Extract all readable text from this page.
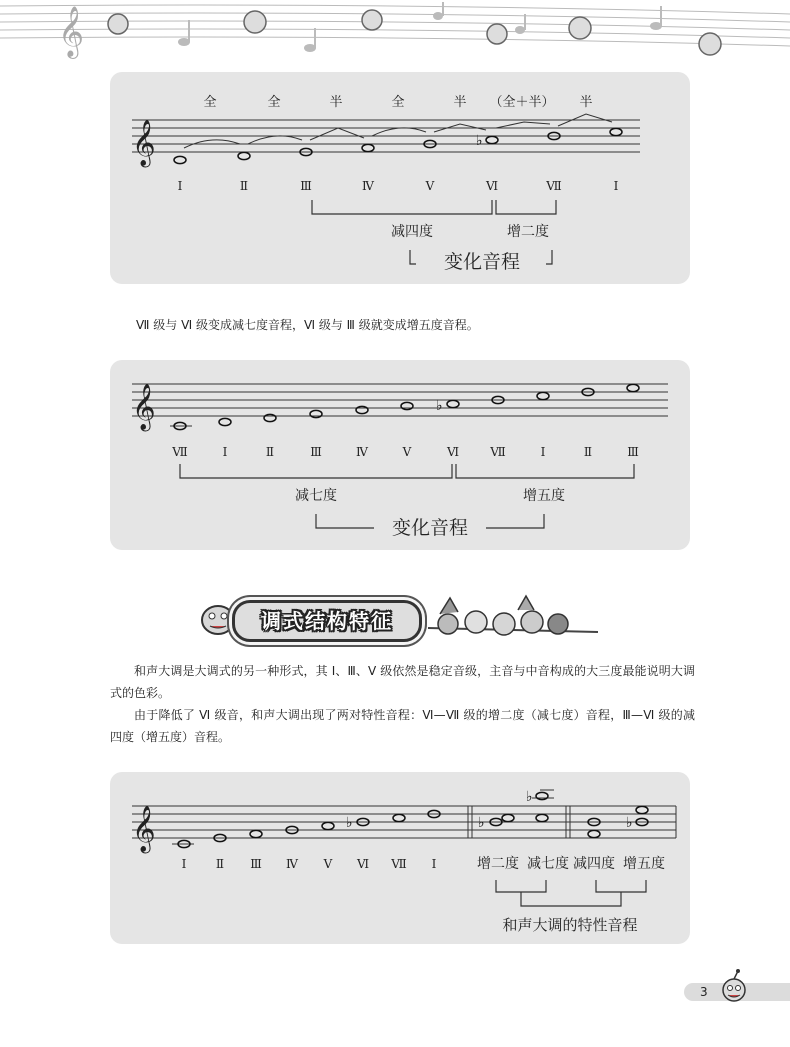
𝄞
𝄞	♭
全	全	半	全	半 （全＋半） 半
Ⅰ	Ⅱ	Ⅲ	Ⅳ	Ⅴ	Ⅵ	Ⅶ	Ⅰ
减四度	增二度
变化音程
Ⅶ 级与 Ⅵ 级变成减七度音程，Ⅵ 级与 Ⅲ 级就变成增五度音程。
𝄞	♭
Ⅶ	Ⅰ	Ⅱ	Ⅲ	Ⅳ	Ⅴ	Ⅵ	Ⅶ	Ⅰ	Ⅱ	Ⅲ
减七度	增五度
变化音程
调式结构特征

和声大调是大调式的另一种形式，其 Ⅰ、Ⅲ、Ⅴ 级依然是稳定音级，主音与中音构成的大三度最能说明大调式的色彩。

由于降低了 Ⅵ 级音，和声大调出现了两对特性音程：Ⅵ—Ⅶ 级的增二度（减七度）音程，Ⅲ—Ⅵ 级的减四度（增五度）音程。

𝄞	♭	♭
♭
♭
Ⅰ Ⅱ Ⅲ Ⅳ Ⅴ Ⅵ Ⅶ Ⅰ	增二度 减七度 减四度 增五度
和声大调的特性音程
3
